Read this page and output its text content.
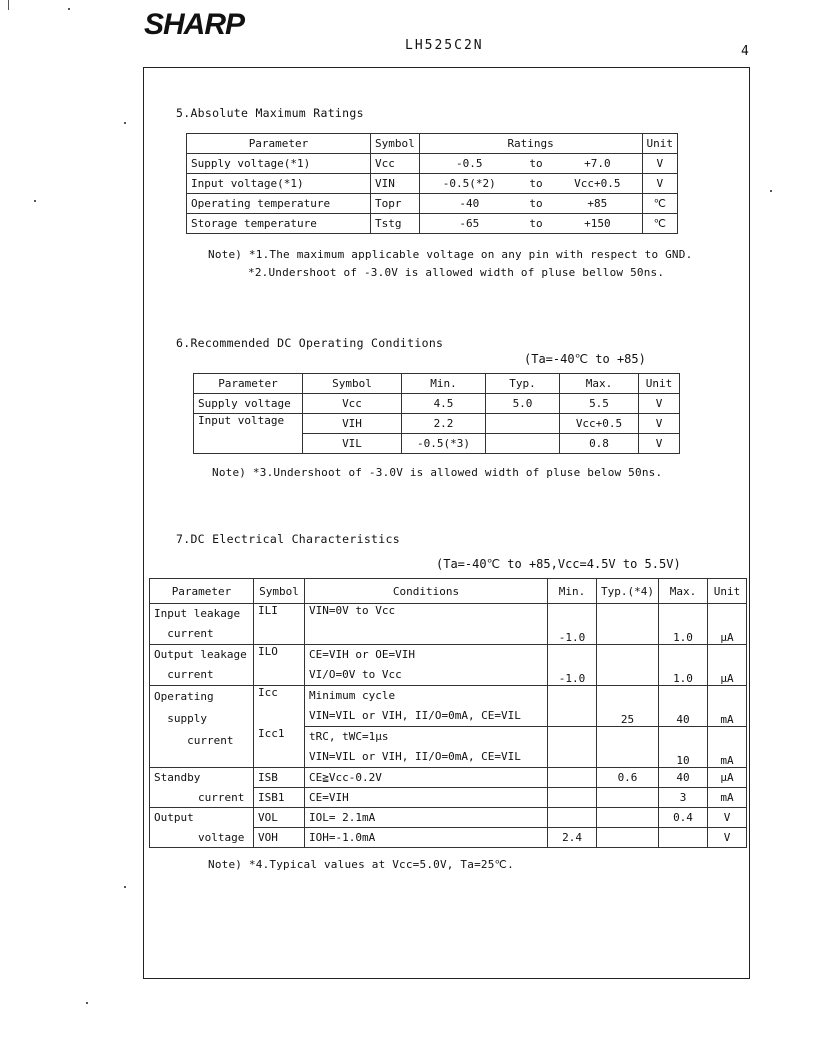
SHARP
LH525C2N	4
5.Absolute Maximum Ratings
Parameter	Symbol	Ratings			Unit
Supply voltage(*1)	Vcc	-0.5	to	+7.0	V
Input voltage(*1)	VIN	-0.5(*2)	to	Vcc+0.5	V
Operating temperature	Topr	-40	to	+85	℃
Storage temperature	Tstg	-65	to	+150	℃
Note) *1.The maximum applicable voltage on any pin with respect to GND.
*2.Undershoot of -3.0V is allowed width of pluse bellow 50ns.
6.Recommended DC Operating Conditions
(Ta=-40℃ to +85)
Parameter	Symbol	Min.	Typ.	Max.	Unit
Supply voltage	Vcc	4.5	5.0	5.5	V
Input voltage	VIH	2.2		Vcc+0.5	V
	VIL	-0.5(*3)		0.8	V
Note) *3.Undershoot of -3.0V is allowed width of pluse below 50ns.
7.DC Electrical Characteristics
(Ta=-40℃ to +85,Vcc=4.5V to 5.5V)
Parameter	Symbol	Conditions	Min.	Typ.(*4)	Max.	Unit
Input leakage
current	ILI	VIN=0V to Vcc	-1.0		1.0	μA
Output leakage
current	ILO	CE=VIH or OE=VIH
VI/O=0V to Vcc	-1.0		1.0	μA
Operating
supply
current	Icc	Minimum cycle
VIN=VIL or VIH, II/O=0mA, CE=VIL		25	40	mA
	Icc1	tRC, tWC=1μs
VIN=VIL or VIH, II/O=0mA, CE=VIL			10	mA
Standby	ISB	CE≧Vcc-0.2V		0.6	40	μA
current	ISB1	CE=VIH			3	mA
Output	VOL	IOL= 2.1mA			0.4	V
voltage	VOH	IOH=-1.0mA	2.4			V
Note) *4.Typical values at Vcc=5.0V, Ta=25℃.
